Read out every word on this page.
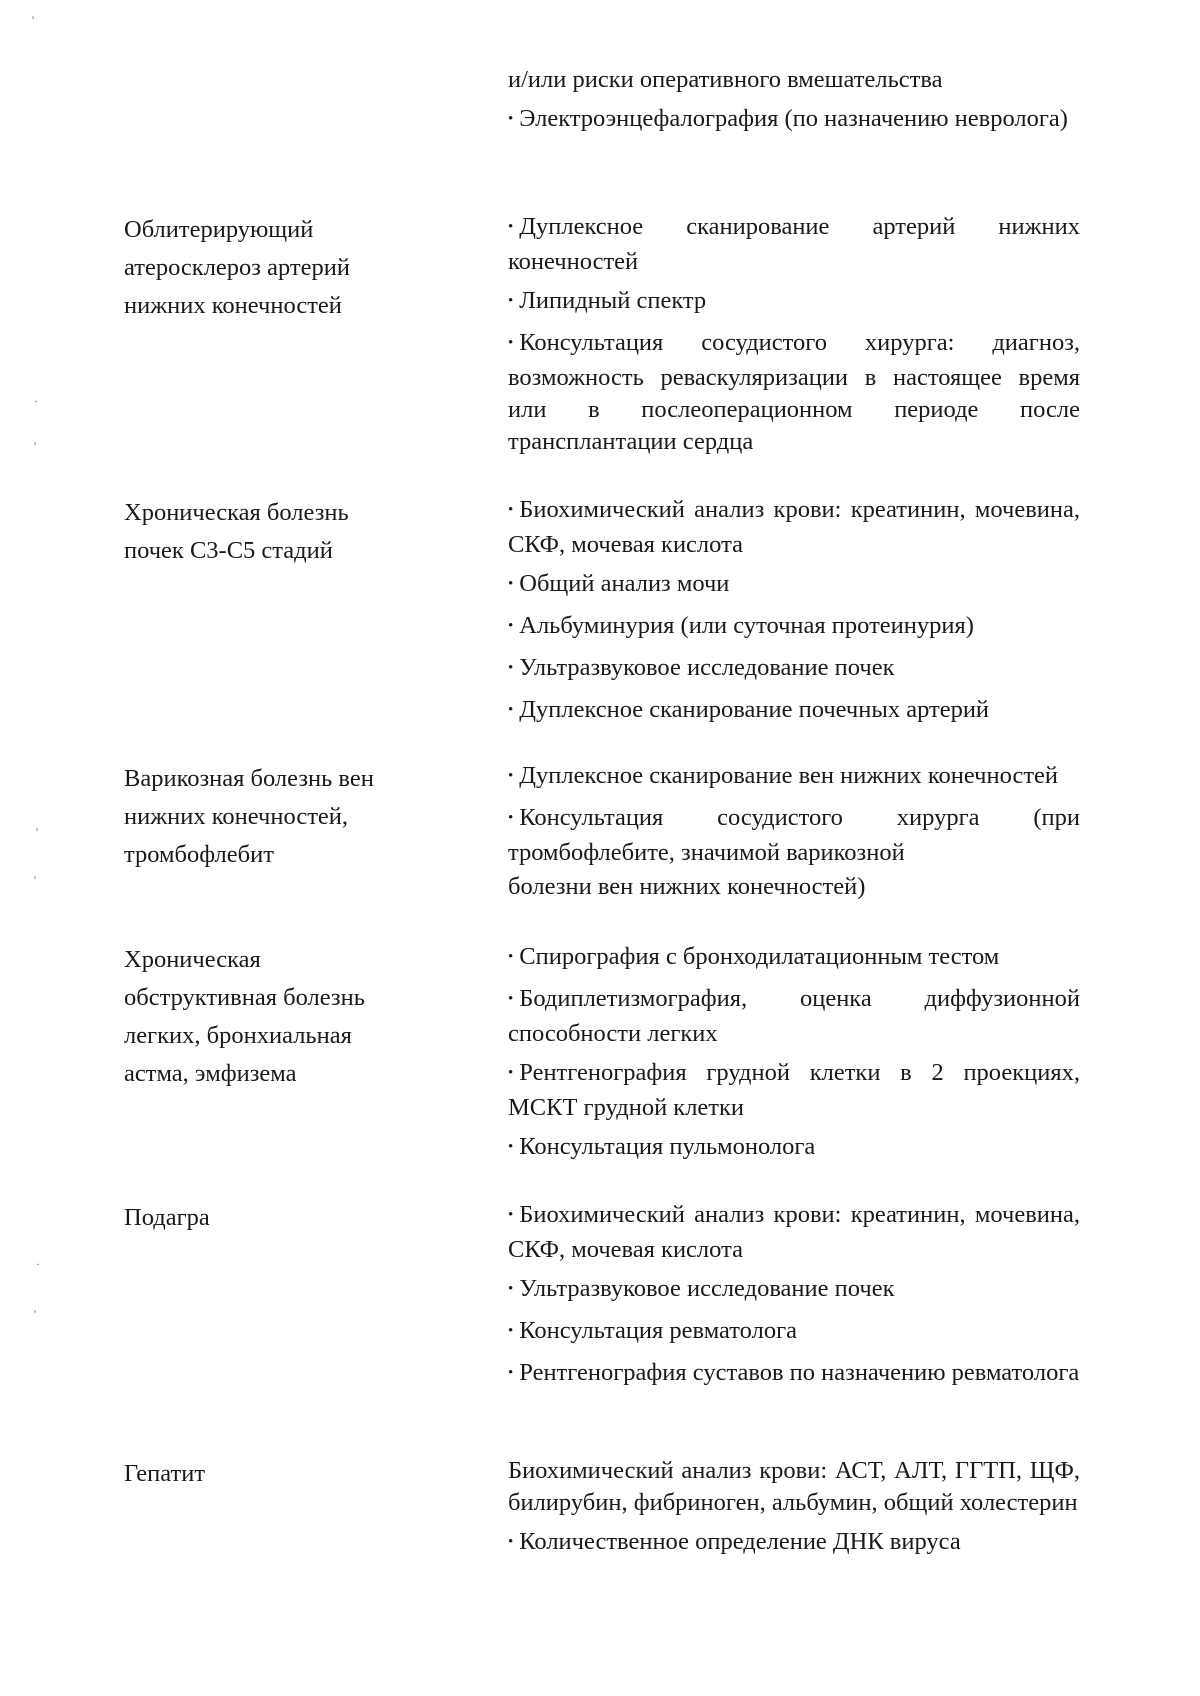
'
·
'
'
'
·
'
и/или риски оперативного вмешательства
• Электроэнцефалография (по назначению невролога)

Облитерирующий
атеросклероз артерий
нижних конечностей

• Дуплексное сканирование артерий нижних конечностей
• Липидный спектр
• Консультация сосудистого хирурга: диагноз, возможность реваскуляризации в настоящее время или в послеоперационном периоде после трансплантации сердца

Хроническая болезнь
почек С3-С5 стадий

• Биохимический анализ крови: креатинин, мочевина, СКФ, мочевая кислота
• Общий анализ мочи
• Альбуминурия (или суточная протеинурия)
• Ультразвуковое исследование почек
• Дуплексное сканирование почечных артерий

Варикозная болезнь вен
нижних конечностей,
тромбофлебит

• Дуплексное сканирование вен нижних конечностей
• Консультация сосудистого хирурга (при тромбофлебите, значимой варикозной
болезни вен нижних конечностей)

Хроническая
обструктивная болезнь
легких, бронхиальная
астма, эмфизема

• Спирография с бронходилатационным тестом
• Бодиплетизмография, оценка диффузионной способности легких
• Рентгенография грудной клетки в 2 проекциях, МСКТ грудной клетки
• Консультация пульмонолога

Подагра	• Биохимический анализ крови: креатинин, мочевина, СКФ, мочевая кислота
• Ультразвуковое исследование почек
• Консультация ревматолога
• Рентгенография суставов по назначению ревматолога

Гепатит	Биохимический анализ крови: АСТ, АЛТ, ГГТП, ЩФ, билирубин, фибриноген, альбумин, общий холестерин
• Количественное определение ДНК вируса
